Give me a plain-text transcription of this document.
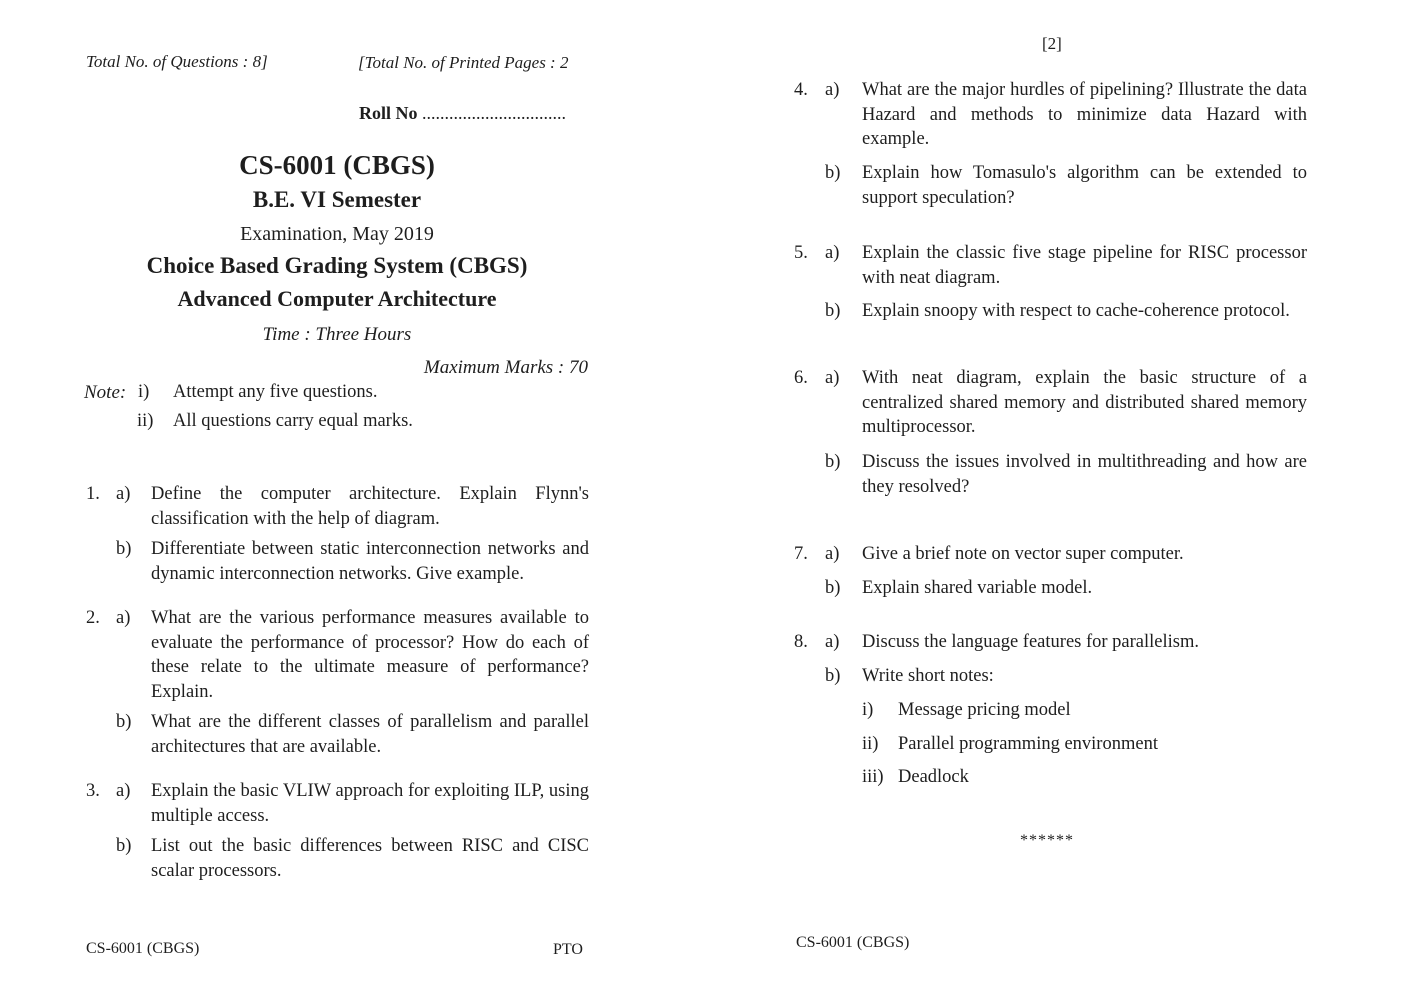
Total No. of Questions : 8]	[Total No. of Printed Pages : 2
Roll No ................................
CS-6001 (CBGS)
B.E. VI Semester
Examination, May 2019
Choice Based Grading System (CBGS)
Advanced Computer Architecture
Time : Three Hours
Maximum Marks : 70
Note: i) Attempt any five questions.
ii) All questions carry equal marks.
1. a) Define the computer architecture. Explain Flynn's classification with the help of diagram.
b) Differentiate between static interconnection networks and dynamic interconnection networks. Give example.
2. a) What are the various performance measures available to evaluate the performance of processor? How do each of these relate to the ultimate measure of performance? Explain.
b) What are the different classes of parallelism and parallel architectures that are available.
3. a) Explain the basic VLIW approach for exploiting ILP, using multiple access.
b) List out the basic differences between RISC and CISC scalar processors.
CS-6001 (CBGS)	PTO
[2]
4. a) What are the major hurdles of pipelining? Illustrate the data Hazard and methods to minimize data Hazard with example.
b) Explain how Tomasulo's algorithm can be extended to support speculation?
5. a) Explain the classic five stage pipeline for RISC processor with neat diagram.
b) Explain snoopy with respect to cache-coherence protocol.
6. a) With neat diagram, explain the basic structure of a centralized shared memory and distributed shared memory multiprocessor.
b) Discuss the issues involved in multithreading and how are they resolved?
7. a) Give a brief note on vector super computer.
b) Explain shared variable model.
8. a) Discuss the language features for parallelism.
b) Write short notes:
i) Message pricing model
ii) Parallel programming environment
iii) Deadlock
******
CS-6001 (CBGS)
